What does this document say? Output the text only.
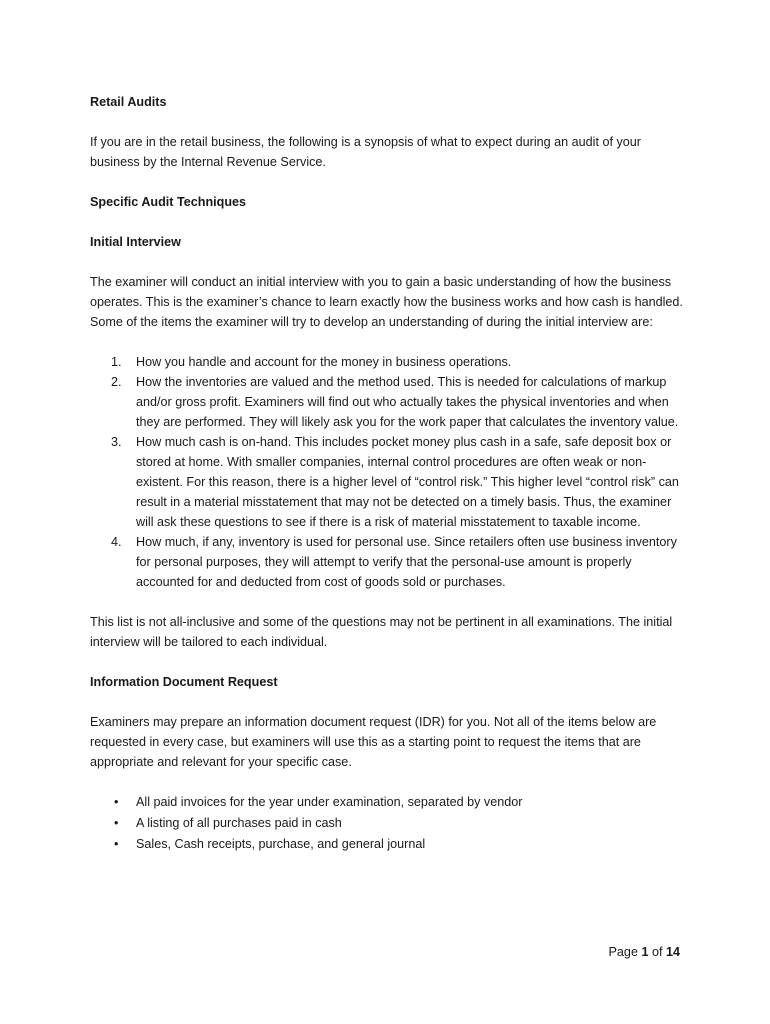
Retail Audits

If you are in the retail business, the following is a synopsis of what to expect during an audit of your business by the Internal Revenue Service.

Specific Audit Techniques

Initial Interview

The examiner will conduct an initial interview with you to gain a basic understanding of how the business operates. This is the examiner’s chance to learn exactly how the business works and how cash is handled. Some of the items the examiner will try to develop an understanding of during the initial interview are:

1. How you handle and account for the money in business operations.
2. How the inventories are valued and the method used. This is needed for calculations of markup and/or gross profit. Examiners will find out who actually takes the physical inventories and when they are performed. They will likely ask you for the work paper that calculates the inventory value.
3. How much cash is on-hand. This includes pocket money plus cash in a safe, safe deposit box or stored at home. With smaller companies, internal control procedures are often weak or non-existent. For this reason, there is a higher level of “control risk.” This higher level “control risk” can result in a material misstatement that may not be detected on a timely basis. Thus, the examiner will ask these questions to see if there is a risk of material misstatement to taxable income.
4. How much, if any, inventory is used for personal use. Since retailers often use business inventory for personal purposes, they will attempt to verify that the personal-use amount is properly accounted for and deducted from cost of goods sold or purchases.

This list is not all-inclusive and some of the questions may not be pertinent in all examinations. The initial interview will be tailored to each individual.

Information Document Request

Examiners may prepare an information document request (IDR) for you. Not all of the items below are requested in every case, but examiners will use this as a starting point to request the items that are appropriate and relevant for your specific case.

• All paid invoices for the year under examination, separated by vendor
• A listing of all purchases paid in cash
• Sales, Cash receipts, purchase, and general journal
Page 1 of 14
